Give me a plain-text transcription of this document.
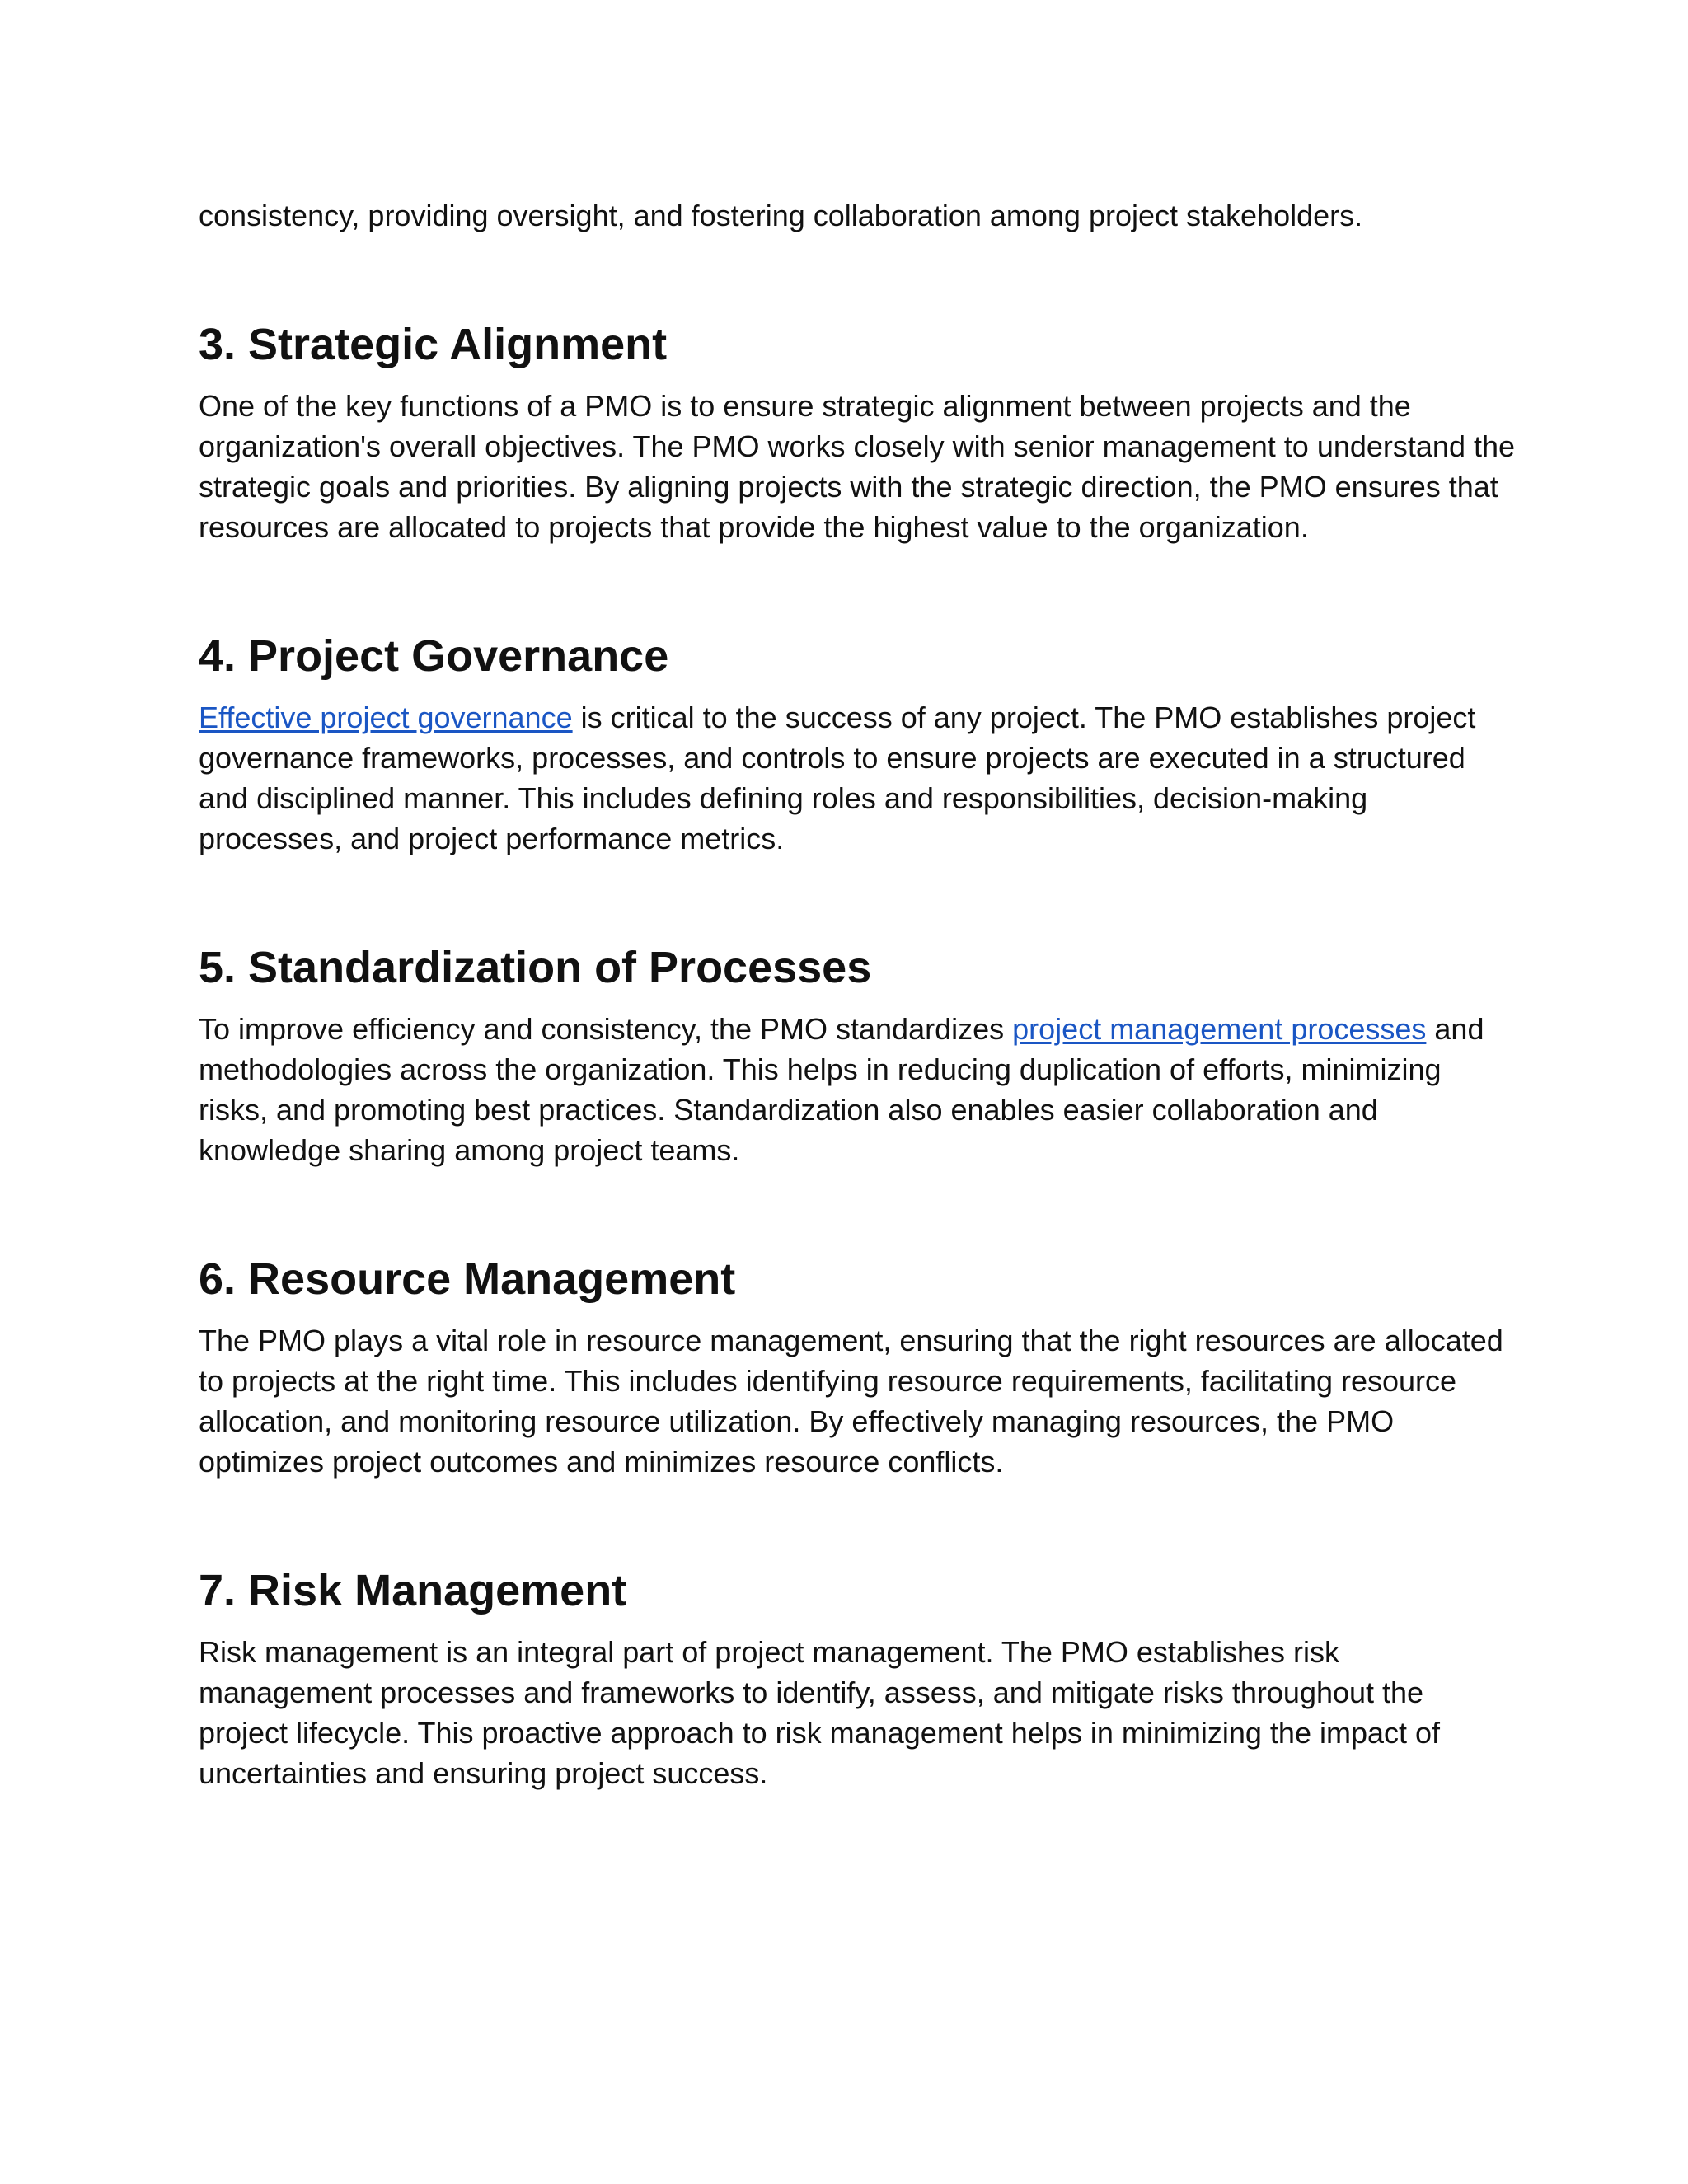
consistency, providing oversight, and fostering collaboration among project stakeholders.

3. Strategic Alignment

One of the key functions of a PMO is to ensure strategic alignment between projects and the organization's overall objectives. The PMO works closely with senior management to understand the strategic goals and priorities. By aligning projects with the strategic direction, the PMO ensures that resources are allocated to projects that provide the highest value to the organization.

4. Project Governance

Effective project governance is critical to the success of any project. The PMO establishes project governance frameworks, processes, and controls to ensure projects are executed in a structured and disciplined manner. This includes defining roles and responsibilities, decision-making processes, and project performance metrics.

5. Standardization of Processes

To improve efficiency and consistency, the PMO standardizes project management processes and methodologies across the organization. This helps in reducing duplication of efforts, minimizing risks, and promoting best practices. Standardization also enables easier collaboration and knowledge sharing among project teams.

6. Resource Management

The PMO plays a vital role in resource management, ensuring that the right resources are allocated to projects at the right time. This includes identifying resource requirements, facilitating resource allocation, and monitoring resource utilization. By effectively managing resources, the PMO optimizes project outcomes and minimizes resource conflicts.

7. Risk Management

Risk management is an integral part of project management. The PMO establishes risk management processes and frameworks to identify, assess, and mitigate risks throughout the project lifecycle. This proactive approach to risk management helps in minimizing the impact of uncertainties and ensuring project success.
